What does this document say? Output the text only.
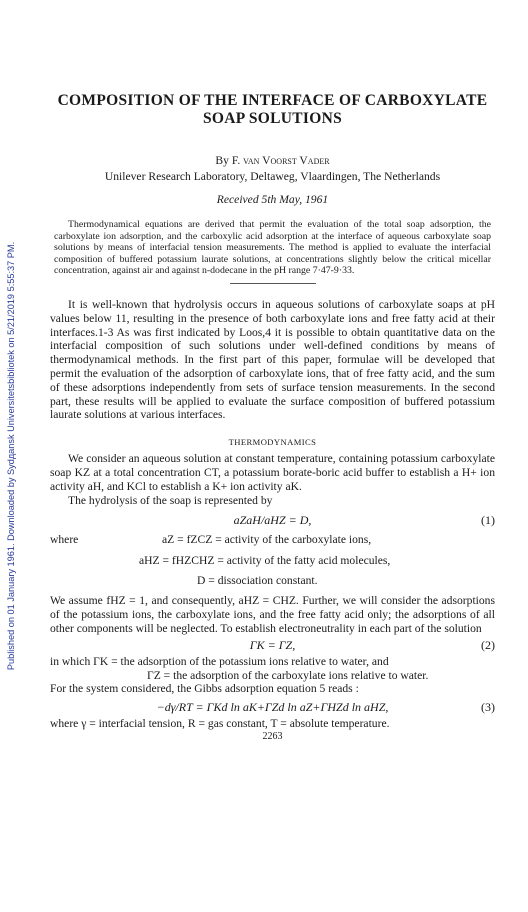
Published on 01 January 1961. Downloaded by Sydдansk Universitetsbibliotek on 5/21/2019 5:55:37 PM.
COMPOSITION OF THE INTERFACE OF CARBOXYLATE
SOAP SOLUTIONS
By F. van Voorst Vader
Unilever Research Laboratory, Deltaweg, Vlaardingen, The Netherlands
Received 5th May, 1961
Thermodynamical equations are derived that permit the evaluation of the total soap adsorption, the carboxylate ion adsorption, and the carboxylic acid adsorption at the interface of aqueous carboxylate soap solutions by means of interfacial tension measurements. The method is applied to evaluate the interfacial composition of buffered potassium laurate solutions, at concentrations slightly below the critical micellar concentration, against air and against n-dodecane in the pH range 7·47-9·33.
It is well-known that hydrolysis occurs in aqueous solutions of carboxylate soaps at pH values below 11, resulting in the presence of both carboxylate ions and free fatty acid at their interfaces.1-3 As was first indicated by Loos,4 it is possible to obtain quantitative data on the interfacial composition of such solutions under well-defined conditions by means of thermodynamical methods. In the first part of this paper, formulae will be developed that permit the evaluation of the adsorption of carboxylate ions, that of free fatty acid, and the sum of these adsorptions independently from sets of surface tension measurements. In the second part, these results will be applied to evaluate the surface composition of buffered potassium laurate solutions at various interfaces.
THERMODYNAMICS
We consider an aqueous solution at constant temperature, containing potassium carboxylate soap KZ at a total concentration CT, a potassium borate-boric acid buffer to establish a H+ ion activity aH, and KCl to establish a K+ ion activity aK.
The hydrolysis of the soap is represented by
aZaH/aHZ = D,	(1)
where	aZ = fZCZ = activity of the carboxylate ions,
aHZ = fHZCHZ = activity of the fatty acid molecules,
D = dissociation constant.
We assume fHZ = 1, and consequently, aHZ = CHZ. Further, we will consider the adsorptions of the potassium ions, the carboxylate ions, and the free fatty acid only; the adsorptions of all other components will be neglected. To establish electroneutrality in each part of the solution
ΓK = ΓZ,	(2)
in which ΓK = the adsorption of the potassium ions relative to water, and
ΓZ = the adsorption of the carboxylate ions relative to water.
For the system considered, the Gibbs adsorption equation 5 reads :
−dγ/RT = ΓKd ln aK+ΓZd ln aZ+ΓHZd ln aHZ,	(3)
where γ = interfacial tension, R = gas constant, T = absolute temperature.
2263
